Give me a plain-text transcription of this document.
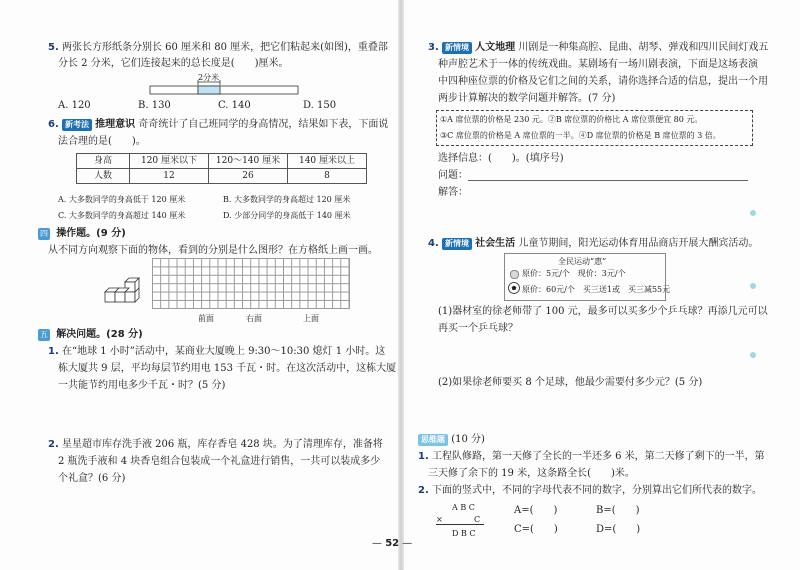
5. 两张长方形纸条分别长 60 厘米和 80 厘米，把它们粘起来(如图)，重叠部
分长 2 分米，它们连接起来的总长度是(　　)厘米。
2分米
A. 120	B. 130	C. 140	D. 150
6. 新考法 推理意识 奇奇统计了自己班同学的身高情况，结果如下表，下面说
法合理的是(　　)。
身高	120 厘米以下	120～140 厘米	140 厘米以上
人数	12	26	8
A. 大多数同学的身高低于 120 厘米	B. 大多数同学的身高超过 120 厘米
C. 大多数同学的身高超过 140 厘米	D. 少部分同学的身高低于 140 厘米
四 操作题。(9 分)
从不同方向观察下面的物体，看到的分别是什么图形？在方格纸上画一画。
前面	右面	上面
五 解决问题。(28 分)
1. 在“地球 1 小时”活动中，某商业大厦晚上 9:30～10:30 熄灯 1 小时。这
栋大厦共 9 层，平均每层节约用电 153 千瓦・时。在这次活动中，这栋大厦
一共能节约用电多少千瓦・时？(5 分)
2. 星星超市库存洗手液 206 瓶，库存香皂 428 块。为了清理库存，准备将
2 瓶洗手液和 4 块香皂组合包装成一个礼盒进行销售，一共可以装成多少
个礼盒？(6 分)
3. 新情境 人文地理 川剧是一种集高腔、昆曲、胡琴、弹戏和四川民间灯戏五
种声腔艺术于一体的传统戏曲。某剧场有一场川剧表演，下面是这场表演
中四种座位票的价格及它们之间的关系，请你选择合适的信息，提出一个用
两步计算解决的数学问题并解答。(7 分)
①A 席位票的价格是 230 元。②B 席位票的价格比 A 席位票便宜 80 元。
③C 席位票的价格是 A 席位票的一半。④D 席位票的价格是 B 席位票的 3 倍。
选择信息：(　　)。(填序号)
问题：
解答：
4. 新情境 社会生活 儿童节期间，阳光运动体育用品商店开展大酬宾活动。
全民运动“惠”
原价：5元/个　现价：3元/个
原价：60元/个　买三送1或　买三减55元
(1)器材室的徐老师带了 100 元，最多可以买多少个乒乓球？再添几元可以
再买一个乒乓球？
(2)如果徐老师要买 8 个足球，他最少需要付多少元？(5 分)
思维题 (10 分)
1. 工程队修路，第一天修了全长的一半还多 6 米，第二天修了剩下的一半，第
三天修了余下的 19 米，这条路全长(　　)米。
2. 下面的竖式中，不同的字母代表不同的数字，分别算出它们所代表的数字。
A B C
×	C
D B C
A=(　　)	B=(　　)
C=(　　)	D=(　　)
— 52 —
